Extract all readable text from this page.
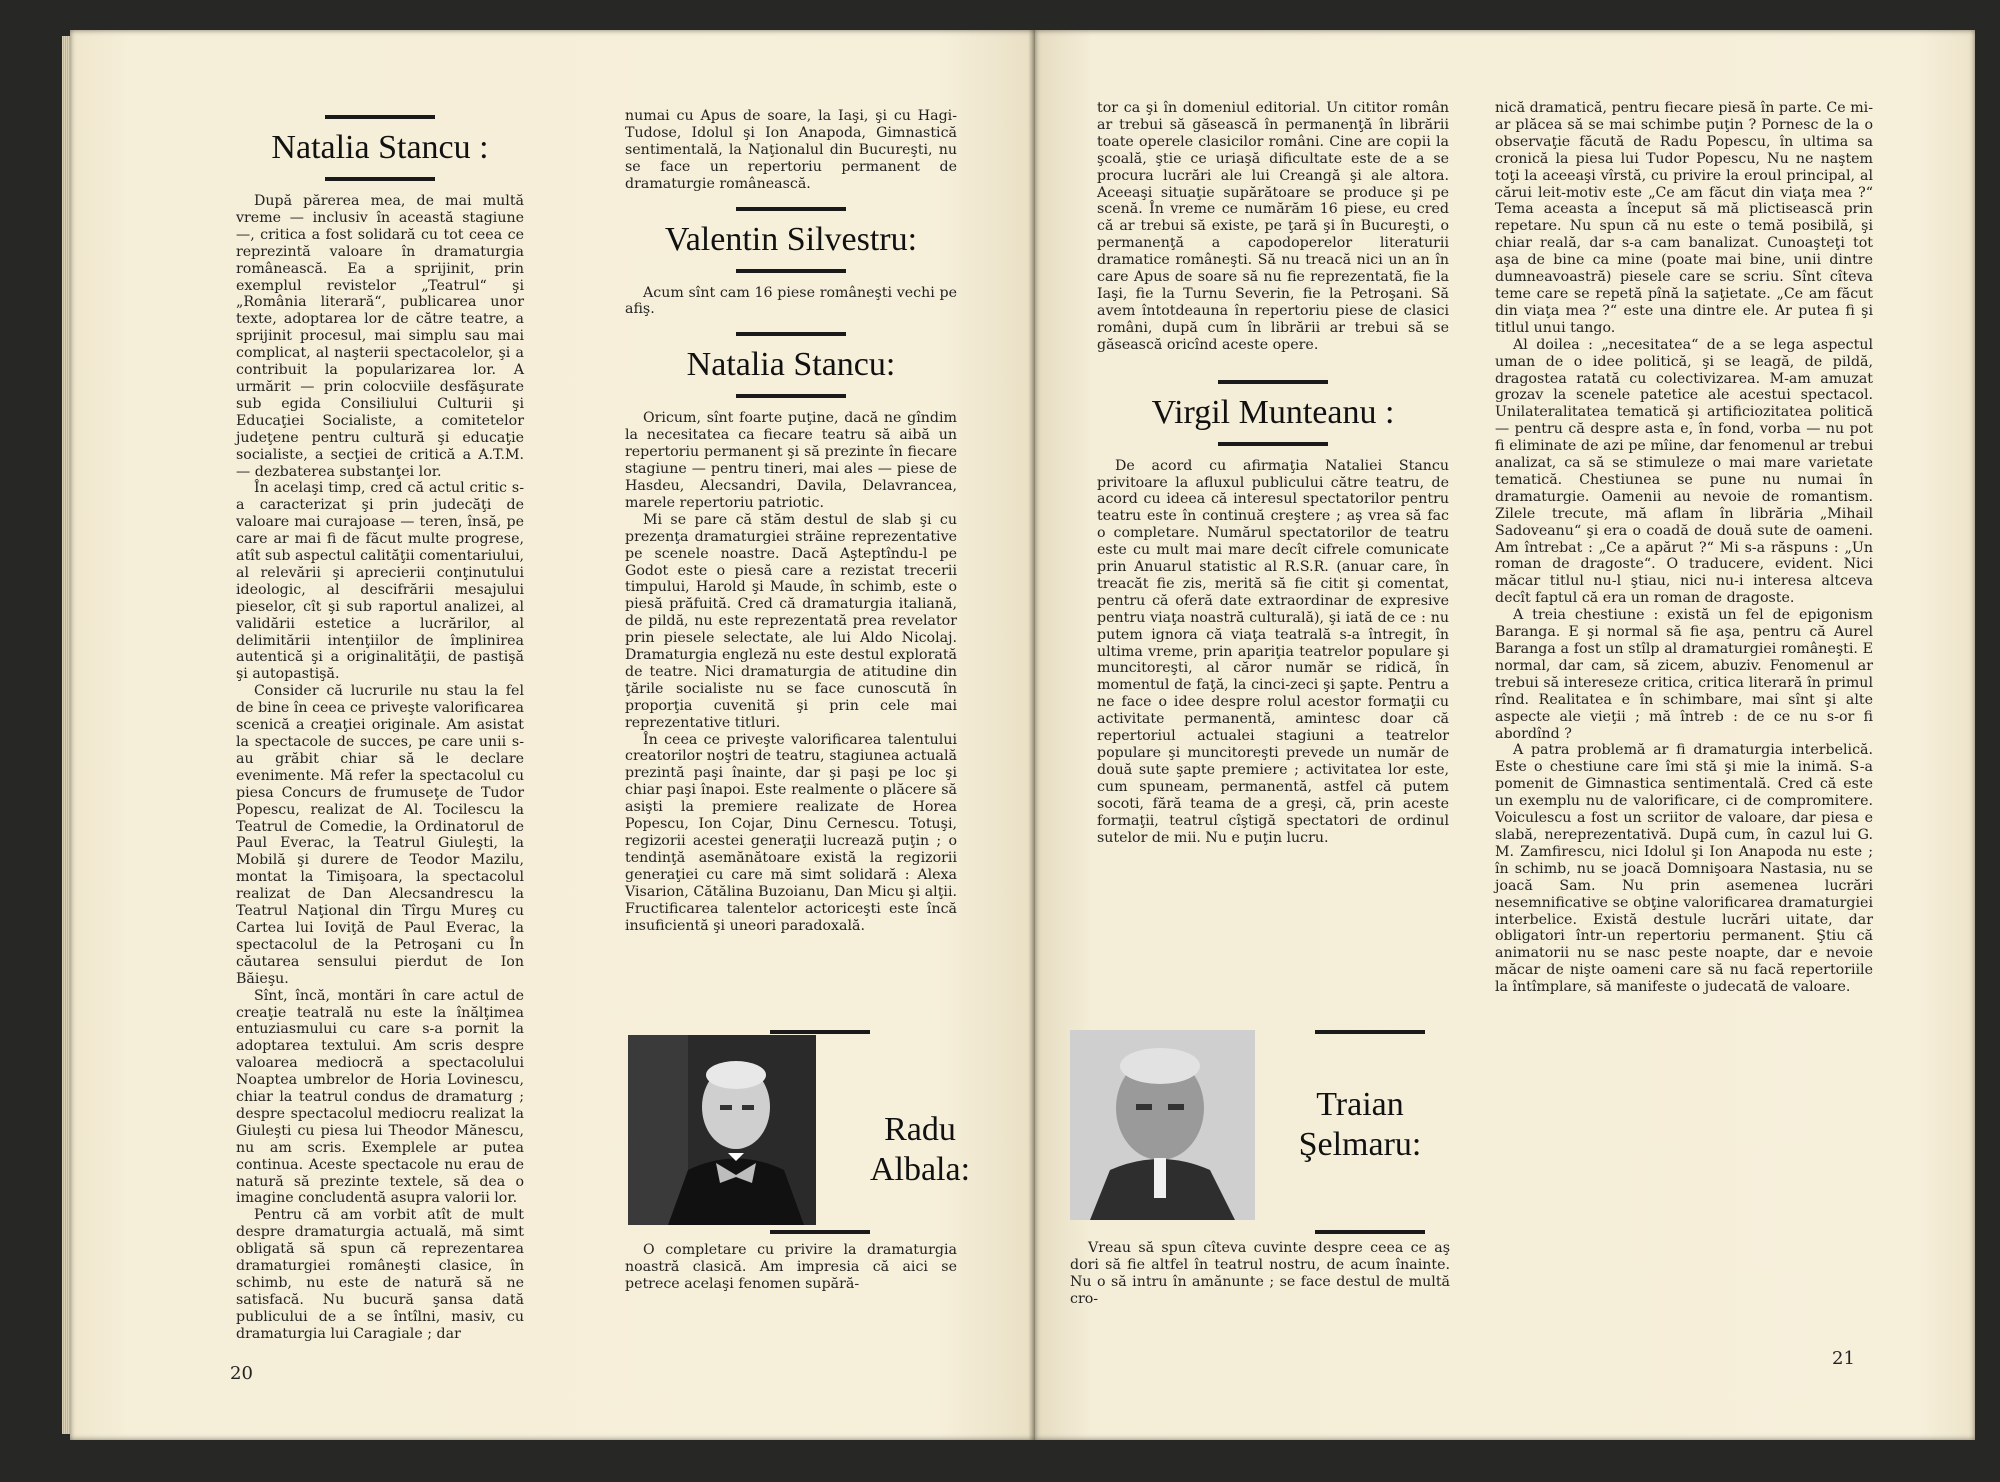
Natalia Stancu :

După părerea mea, de mai multă vreme — inclusiv în această stagiune —, critica a fost solidară cu tot ceea ce reprezintă valoare în dramaturgia românească. Ea a sprijinit, prin exemplul revistelor „Teatrul“ şi „România literară“, publicarea unor texte, adoptarea lor de către teatre, a sprijinit procesul, mai simplu sau mai complicat, al naşterii spectacolelor, şi a contribuit la popularizarea lor. A urmărit — prin colocviile desfăşurate sub egida Consiliului Culturii şi Educaţiei Socialiste, a comitetelor judeţene pentru cultură şi educaţie socialiste, a secţiei de critică a A.T.M. — dezbaterea substanţei lor.

În acelaşi timp, cred că actul critic s-a caracterizat şi prin judecăţi de valoare mai curajoase — teren, însă, pe care ar mai fi de făcut multe progrese, atît sub aspectul calităţii comentariului, al relevării şi aprecierii conţinutului ideologic, al descifrării mesajului pieselor, cît şi sub raportul analizei, al validării estetice a lucrărilor, al delimitării intenţiilor de împlinirea autentică şi a originalităţii, de pastişă şi autopastişă.

Consider că lucrurile nu stau la fel de bine în ceea ce priveşte valorificarea scenică a creaţiei originale. Am asistat la spectacole de succes, pe care unii s-au grăbit chiar să le declare evenimente. Mă refer la spectacolul cu piesa Concurs de frumuseţe de Tudor Popescu, realizat de Al. Tocilescu la Teatrul de Comedie, la Ordinatorul de Paul Everac, la Teatrul Giuleşti, la Mobilă şi durere de Teodor Mazilu, montat la Timişoara, la spectacolul realizat de Dan Alecsandrescu la Teatrul Naţional din Tîrgu Mureş cu Cartea lui Ioviţă de Paul Everac, la spectacolul de la Petroşani cu În căutarea sensului pierdut de Ion Băieşu.

Sînt, încă, montări în care actul de creaţie teatrală nu este la înălţimea entuziasmului cu care s-a pornit la adoptarea textului. Am scris despre valoarea mediocră a spectacolului Noaptea umbrelor de Horia Lovinescu, chiar la teatrul condus de dramaturg ; despre spectacolul mediocru realizat la Giuleşti cu piesa lui Theodor Mănescu, nu am scris. Exemplele ar putea continua. Aceste spectacole nu erau de natură să prezinte textele, să dea o imagine concludentă asupra valorii lor.

Pentru că am vorbit atît de mult despre dramaturgia actuală, mă simt obligată să spun că reprezentarea dramaturgiei româneşti clasice, în schimb, nu este de natură să ne satisfacă. Nu bucură şansa dată publicului de a se întîlni, masiv, cu dramaturgia lui Caragiale ; dar

numai cu Apus de soare, la Iaşi, şi cu Hagi-Tudose, Idolul şi Ion Anapoda, Gimnastică sentimentală, la Naţionalul din Bucureşti, nu se face un repertoriu permanent de dramaturgie românească.

Valentin Silvestru:

Acum sînt cam 16 piese româneşti vechi pe afiş.

Natalia Stancu:

Oricum, sînt foarte puţine, dacă ne gîndim la necesitatea ca fiecare teatru să aibă un repertoriu permanent şi să prezinte în fiecare stagiune — pentru tineri, mai ales — piese de Hasdeu, Alecsandri, Davila, Delavrancea, marele repertoriu patriotic.

Mi se pare că stăm destul de slab şi cu prezenţa dramaturgiei străine reprezentative pe scenele noastre. Dacă Aşteptîndu-l pe Godot este o piesă care a rezistat trecerii timpului, Harold şi Maude, în schimb, este o piesă prăfuită. Cred că dramaturgia italiană, de pildă, nu este reprezentată prea revelator prin piesele selectate, ale lui Aldo Nicolaj. Dramaturgia engleză nu este destul explorată de teatre. Nici dramaturgia de atitudine din ţările socialiste nu se face cunoscută în proporţia cuvenită şi prin cele mai reprezentative titluri.

În ceea ce priveşte valorificarea talentului creatorilor noştri de teatru, stagiunea actuală prezintă paşi înainte, dar şi paşi pe loc şi chiar paşi înapoi. Este realmente o plăcere să asişti la premiere realizate de Horea Popescu, Ion Cojar, Dinu Cernescu. Totuşi, regizorii acestei generaţii lucrează puţin ; o tendinţă asemănătoare există la regizorii generaţiei cu care mă simt solidară : Alexa Visarion, Cătălina Buzoianu, Dan Micu şi alţii. Fructificarea talentelor actoriceşti este încă insuficientă şi uneori paradoxală.

Radu Albala:

O completare cu privire la dramaturgia noastră clasică. Am impresia că aici se petrece acelaşi fenomen supără-

20

tor ca şi în domeniul editorial. Un cititor român ar trebui să găsească în permanenţă în librării toate operele clasicilor români. Cine are copii la şcoală, ştie ce uriaşă dificultate este de a se procura lucrări ale lui Creangă şi ale altora. Aceeaşi situaţie supărătoare se produce şi pe scenă. În vreme ce numărăm 16 piese, eu cred că ar trebui să existe, pe ţară şi în Bucureşti, o permanenţă a capodoperelor literaturii dramatice româneşti. Să nu treacă nici un an în care Apus de soare să nu fie reprezentată, fie la Iaşi, fie la Turnu Severin, fie la Petroşani. Să avem întotdeauna în repertoriu piese de clasici români, după cum în librării ar trebui să se găsească oricînd aceste opere.

Virgil Munteanu :

De acord cu afirmaţia Nataliei Stancu privitoare la afluxul publicului către teatru, de acord cu ideea că interesul spectatorilor pentru teatru este în continuă creştere ; aş vrea să fac o completare. Numărul spectatorilor de teatru este cu mult mai mare decît cifrele comunicate prin Anuarul statistic al R.S.R. (anuar care, în treacăt fie zis, merită să fie citit şi comentat, pentru că oferă date extraordinar de expresive pentru viaţa noastră culturală), şi iată de ce : nu putem ignora că viaţa teatrală s-a întregit, în ultima vreme, prin apariţia teatrelor populare şi muncitoreşti, al căror număr se ridică, în momentul de faţă, la cinci-zeci şi şapte. Pentru a ne face o idee despre rolul acestor formaţii cu activitate permanentă, amintesc doar că repertoriul actualei stagiuni a teatrelor populare şi muncitoreşti prevede un număr de două sute şapte premiere ; activitatea lor este, cum spuneam, permanentă, astfel că putem socoti, fără teama de a greşi, că, prin aceste formaţii, teatrul cîştigă spectatori de ordinul sutelor de mii. Nu e puţin lucru.

Traian Şelmaru:

Vreau să spun cîteva cuvinte despre ceea ce aş dori să fie altfel în teatrul nostru, de acum înainte. Nu o să intru în amănunte ; se face destul de multă cro-

nică dramatică, pentru fiecare piesă în parte. Ce mi-ar plăcea să se mai schimbe puţin ? Pornesc de la o observaţie făcută de Radu Popescu, în ultima sa cronică la piesa lui Tudor Popescu, Nu ne naştem toţi la aceeaşi vîrstă, cu privire la eroul principal, al cărui leit-motiv este „Ce am făcut din viaţa mea ?“ Tema aceasta a început să mă plictisească prin repetare. Nu spun că nu este o temă posibilă, şi chiar reală, dar s-a cam banalizat. Cunoaşteţi tot aşa de bine ca mine (poate mai bine, unii dintre dumneavoastră) piesele care se scriu. Sînt cîteva teme care se repetă pînă la saţietate. „Ce am făcut din viaţa mea ?“ este una dintre ele. Ar putea fi şi titlul unui tango.

Al doilea : „necesitatea“ de a se lega aspectul uman de o idee politică, şi se leagă, de pildă, dragostea ratată cu colectivizarea. M-am amuzat grozav la scenele patetice ale acestui spectacol. Unilateralitatea tematică şi artificiozitatea politică — pentru că despre asta e, în fond, vorba — nu pot fi eliminate de azi pe mîine, dar fenomenul ar trebui analizat, ca să se stimuleze o mai mare varietate tematică. Chestiunea se pune nu numai în dramaturgie. Oamenii au nevoie de romantism. Zilele trecute, mă aflam în librăria „Mihail Sadoveanu“ şi era o coadă de două sute de oameni. Am întrebat : „Ce a apărut ?“ Mi s-a răspuns : „Un roman de dragoste“. O traducere, evident. Nici măcar titlul nu-l ştiau, nici nu-i interesa altceva decît faptul că era un roman de dragoste.

A treia chestiune : există un fel de epigonism Baranga. E şi normal să fie aşa, pentru că Aurel Baranga a fost un stîlp al dramaturgiei româneşti. E normal, dar cam, să zicem, abuziv. Fenomenul ar trebui să intereseze critica, critica literară în primul rînd. Realitatea e în schimbare, mai sînt şi alte aspecte ale vieţii ; mă întreb : de ce nu s-or fi abordînd ?

A patra problemă ar fi dramaturgia interbelică. Este o chestiune care îmi stă şi mie la inimă. S-a pomenit de Gimnastica sentimentală. Cred că este un exemplu nu de valorificare, ci de compromitere. Voiculescu a fost un scriitor de valoare, dar piesa e slabă, nereprezentativă. După cum, în cazul lui G. M. Zamfirescu, nici Idolul şi Ion Anapoda nu este ; în schimb, nu se joacă Domnişoara Nastasia, nu se joacă Sam. Nu prin asemenea lucrări nesemnificative se obţine valorificarea dramaturgiei interbelice. Există destule lucrări uitate, dar obligatori într-un repertoriu permanent. Ştiu că animatorii nu se nasc peste noapte, dar e nevoie măcar de nişte oameni care să nu facă repertoriile la întîmplare, să manifeste o judecată de valoare.

21
